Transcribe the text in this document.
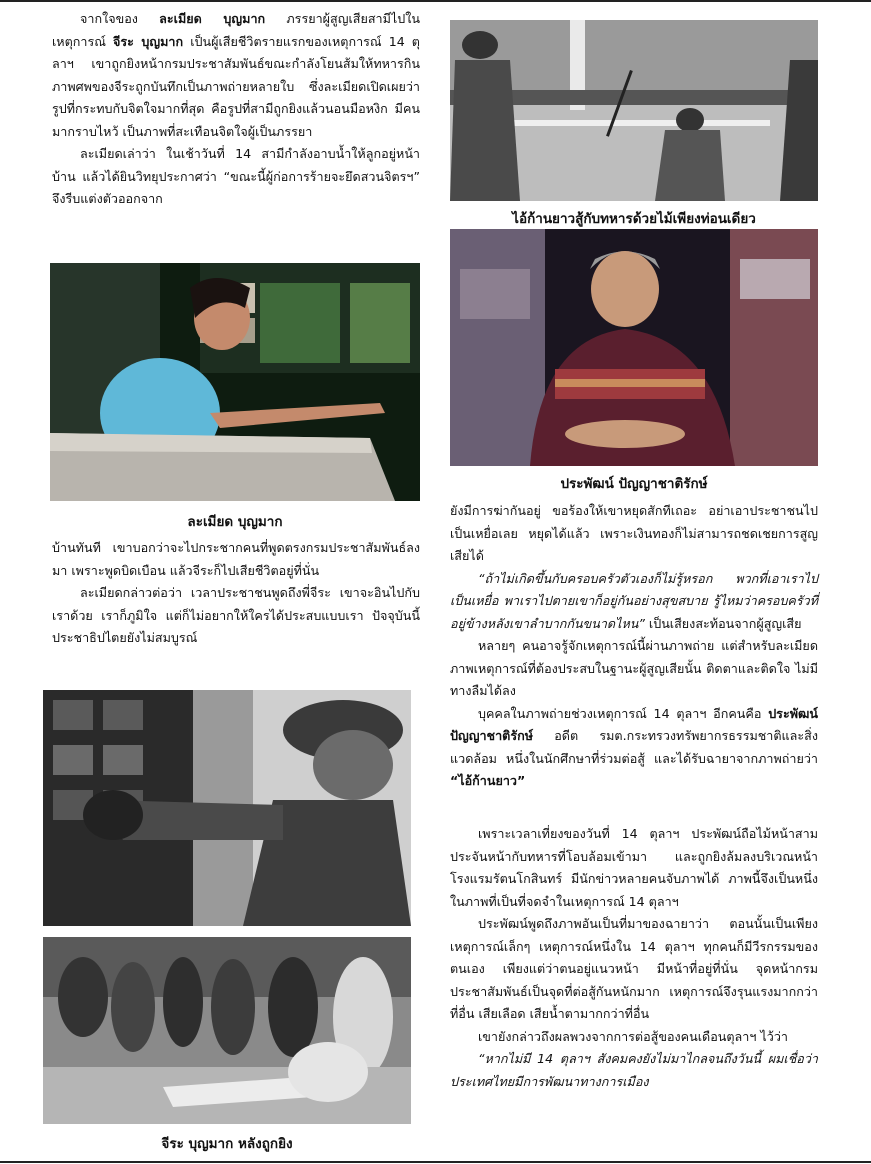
จากใจของ ละเมียด บุญมาก ภรรยาผู้สูญเสียสามีไปในเหตุการณ์ จีระ บุญมาก เป็นผู้เสียชีวิตรายแรกของเหตุการณ์ 14 ตุลาฯ เขาถูกยิงหน้ากรมประชาสัมพันธ์ขณะกำลังโยนส้มให้ทหารกิน ภาพศพของจีระถูกบันทึกเป็นภาพถ่ายหลายใบ ซึ่งละเมียดเปิดเผยว่ารูปที่กระทบกับจิตใจมากที่สุด คือรูปที่สามีถูกยิงแล้วนอนมือหงิก มีคนมากราบไหว้ เป็นภาพที่สะเทือนจิตใจผู้เป็นภรรยา

ละเมียดเล่าว่า ในเช้าวันที่ 14 สามีกำลังอาบน้ำให้ลูกอยู่หน้าบ้าน แล้วได้ยินวิทยุประกาศว่า “ขณะนี้ผู้ก่อการร้ายจะยึดสวนจิตรฯ” จึงรีบแต่งตัวออกจาก

ละเมียด บุญมาก

บ้านทันที เขาบอกว่าจะไปกระชากคนที่พูดตรงกรมประชาสัมพันธ์ลงมา เพราะพูดบิดเบือน แล้วจีระก็ไปเสียชีวิตอยู่ที่นั่น

ละเมียดกล่าวต่อว่า เวลาประชาชนพูดถึงพี่จีระ เขาจะอินไปกับเราด้วย เราก็ภูมิใจ แต่ก็ไม่อยากให้ใครได้ประสบแบบเรา ปัจจุบันนี้ประชาธิปไตยยังไม่สมบูรณ์

จีระ บุญมาก หลังถูกยิง
ไอ้ก้านยาวสู้กับทหารด้วยไม้เพียงท่อนเดียว
ประพัฒน์ ปัญญาชาติรักษ์

ยังมีการฆ่ากันอยู่ ขอร้องให้เขาหยุดสักทีเถอะ อย่าเอาประชาชนไปเป็นเหยื่อเลย หยุดได้แล้ว เพราะเงินทองก็ไม่สามารถชดเชยการสูญเสียได้

“ถ้าไม่เกิดขึ้นกับครอบครัวตัวเองก็ไม่รู้หรอก พวกที่เอาเราไปเป็นเหยื่อ พาเราไปตายเขาก็อยู่กันอย่างสุขสบาย รู้ไหมว่าครอบครัวที่อยู่ข้างหลังเขาลำบากกันขนาดไหน” เป็นเสียงสะท้อนจากผู้สูญเสีย

หลายๆ คนอาจรู้จักเหตุการณ์นี้ผ่านภาพถ่าย แต่สำหรับละเมียด ภาพเหตุการณ์ที่ต้องประสบในฐานะผู้สูญเสียนั้น ติดตาและติดใจ ไม่มีทางลืมได้ลง

บุคคลในภาพถ่ายช่วงเหตุการณ์ 14 ตุลาฯ อีกคนคือ ประพัฒน์ ปัญญาชาติรักษ์ อดีต รมต.กระทรวงทรัพยากรธรรมชาติและสิ่งแวดล้อม หนึ่งในนักศึกษาที่ร่วมต่อสู้ และได้รับฉายาจากภาพถ่ายว่า “ไอ้ก้านยาว”

เพราะเวลาเที่ยงของวันที่ 14 ตุลาฯ ประพัฒน์ถือไม้หน้าสาม ประจันหน้ากับทหารที่โอบล้อมเข้ามา และถูกยิงล้มลงบริเวณหน้าโรงแรมรัตนโกสินทร์ มีนักข่าวหลายคนจับภาพได้ ภาพนี้จึงเป็นหนึ่งในภาพที่เป็นที่จดจำในเหตุการณ์ 14 ตุลาฯ

ประพัฒน์พูดถึงภาพอันเป็นที่มาของฉายาว่า ตอนนั้นเป็นเพียงเหตุการณ์เล็กๆ เหตุการณ์หนึ่งใน 14 ตุลาฯ ทุกคนก็มีวีรกรรมของตนเอง เพียงแต่ว่าตนอยู่แนวหน้า มีหน้าที่อยู่ที่นั่น จุดหน้ากรมประชาสัมพันธ์เป็นจุดที่ต่อสู้กันหนักมาก เหตุการณ์จึงรุนแรงมากกว่าที่อื่น เสียเลือด เสียน้ำตามากกว่าที่อื่น

เขายังกล่าวถึงผลพวงจากการต่อสู้ของคนเดือนตุลาฯ ไว้ว่า

“หากไม่มี 14 ตุลาฯ สังคมคงยังไม่มาไกลจนถึงวันนี้ ผมเชื่อว่าประเทศไทยมีการพัฒนาทางการเมือง
